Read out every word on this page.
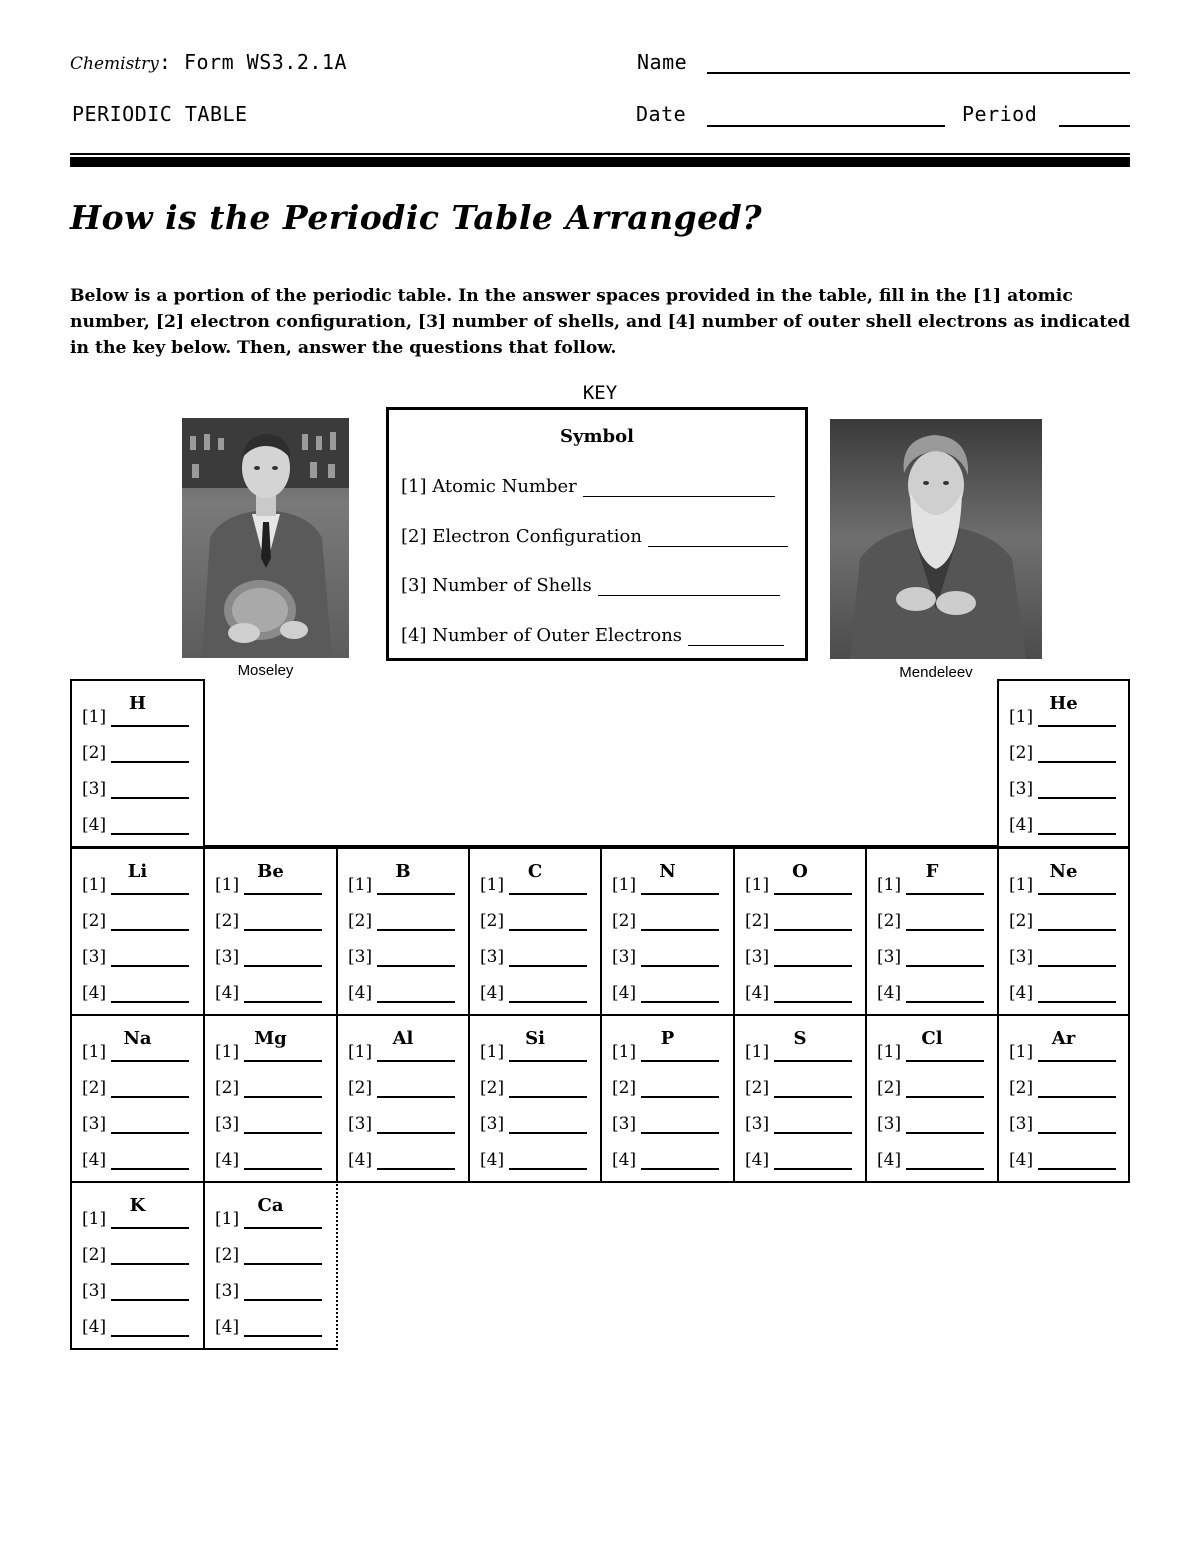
Chemistry: Form WS3.2.1A
PERIODIC TABLE
Name
Date	Period
How is the Periodic Table Arranged?
Below is a portion of the periodic table. In the answer spaces provided in the table, fill in the [1] atomic number, [2] electron configuration, [3] number of shells, and [4] number of outer shell electrons as indicated in the key below. Then, answer the questions that follow.
KEY
Symbol
[1] Atomic Number
[2] Electron Configuration
[3] Number of Shells
[4] Number of Outer Electrons
Moseley	Mendeleev
H
[1]
[2]
[3]
[4]
He
[1]
[2]
[3]
[4]
Li
[1]
[2]
[3]
[4]
Be
[1]
[2]
[3]
[4]
B
[1]
[2]
[3]
[4]
C
[1]
[2]
[3]
[4]
N
[1]
[2]
[3]
[4]
O
[1]
[2]
[3]
[4]
F
[1]
[2]
[3]
[4]
Ne
[1]
[2]
[3]
[4]
Na
[1]
[2]
[3]
[4]
Mg
[1]
[2]
[3]
[4]
Al
[1]
[2]
[3]
[4]
Si
[1]
[2]
[3]
[4]
P
[1]
[2]
[3]
[4]
S
[1]
[2]
[3]
[4]
Cl
[1]
[2]
[3]
[4]
Ar
[1]
[2]
[3]
[4]
K
[1]
[2]
[3]
[4]
Ca
[1]
[2]
[3]
[4]
